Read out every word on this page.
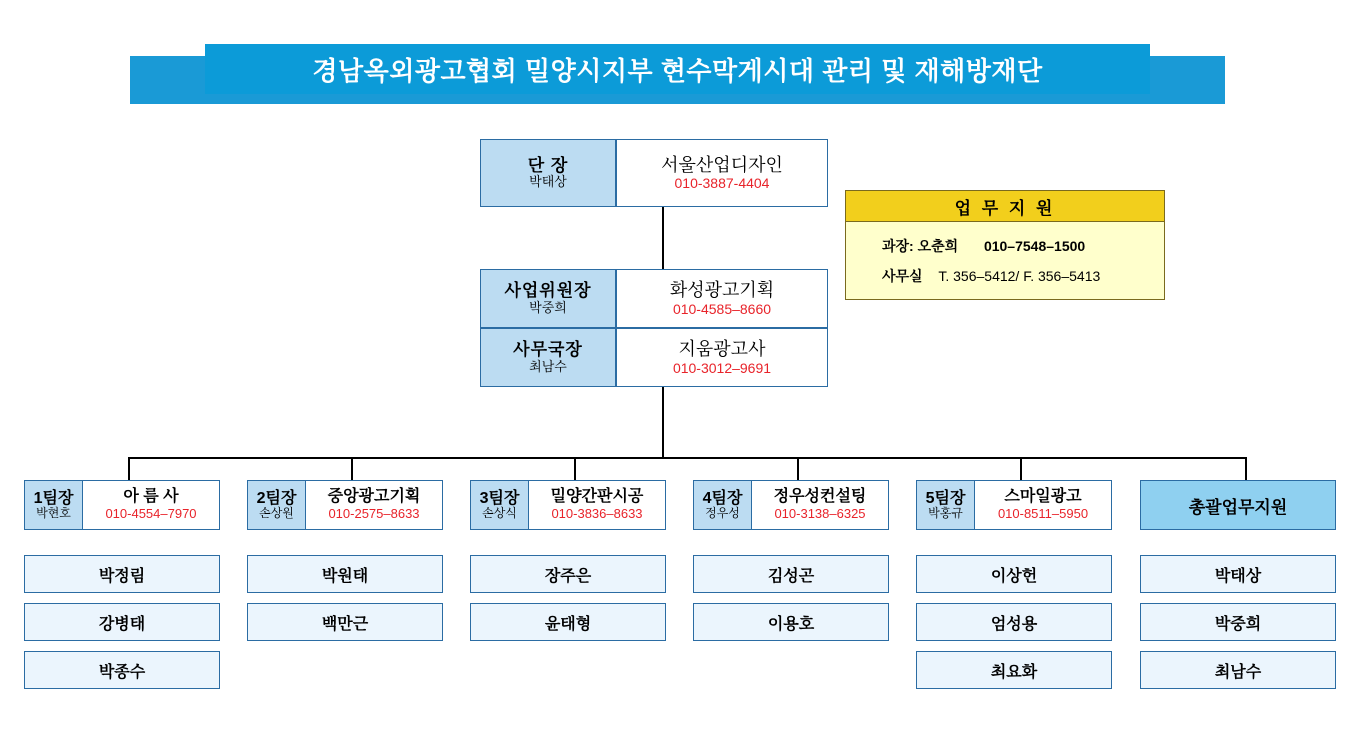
경남옥외광고협회 밀양시지부 현수막게시대 관리 및 재해방재단
단 장
박태상
서울산업디자인
010-3887-4404
사업위원장
박중희
화성광고기획
010-4585–8660
사무국장
최남수
지움광고사
010-3012–9691
업 무 지 원
과장: 오춘희 010–7548–1500
사무실 T. 356–5412/ F. 356–5413
1팀장
박현호
아 름 사
010-4554–7970
박정림
강병태
박종수
2팀장
손상원
중앙광고기획
010-2575–8633
박원태
백만근
3팀장
손상식
밀양간판시공
010-3836–8633
장주은
윤태형
4팀장
정우성
정우성컨설팅
010-3138–6325
김성곤
이용호
5팀장
박홍규
스마일광고
010-8511–5950
이상헌
엄성용
최요화
총괄업무지원
박태상
박중희
최남수
